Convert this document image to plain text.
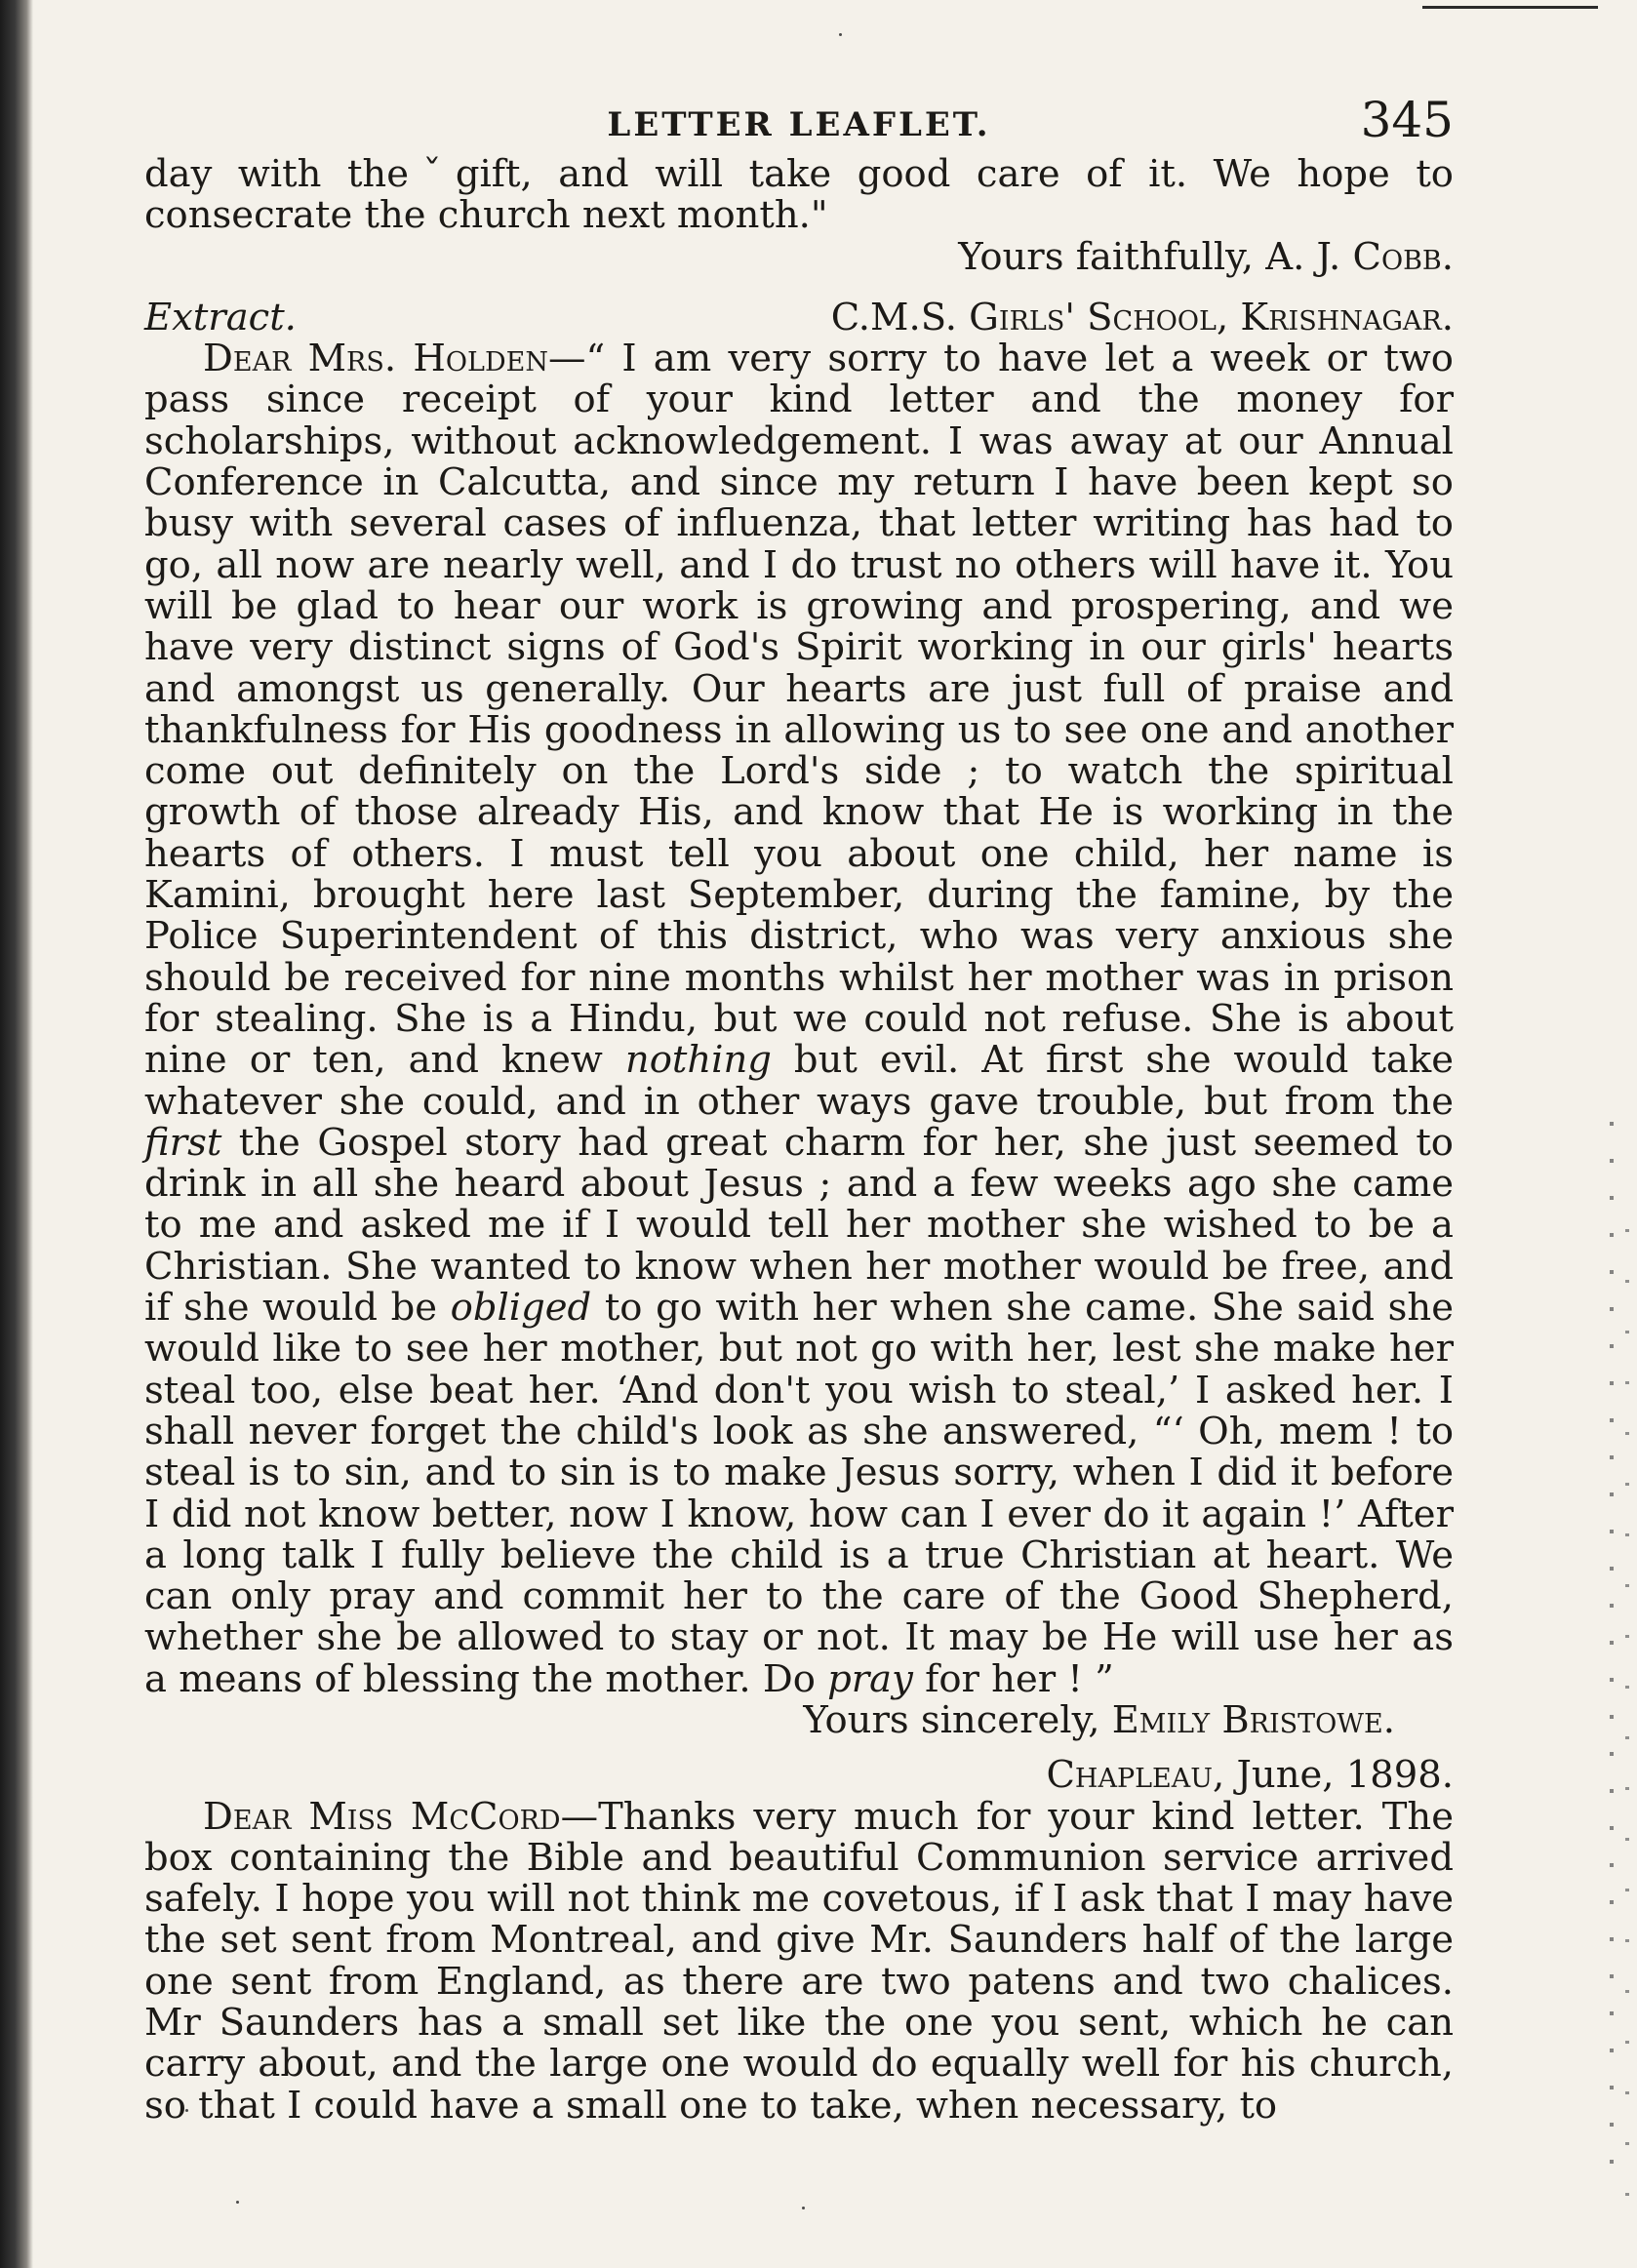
LETTER LEAFLET.	345

day with theˇgift, and will take good care of it. We hope to consecrate the church next month."

Yours faithfully, A. J. Cobb.

Extract.	C.M.S. Girls' School, Krishnagar.

Dear Mrs. Holden—“ I am very sorry to have let a week or two pass since receipt of your kind letter and the money for scholarships, without acknowledgement. I was away at our Annual Conference in Calcutta, and since my return I have been kept so busy with several cases of influenza, that letter writing has had to go, all now are nearly well, and I do trust no others will have it. You will be glad to hear our work is growing and prospering, and we have very distinct signs of God's Spirit working in our girls' hearts and amongst us generally. Our hearts are just full of praise and thankfulness for His goodness in allowing us to see one and another come out definitely on the Lord's side ; to watch the spiritual growth of those already His, and know that He is working in the hearts of others. I must tell you about one child, her name is Kamini, brought here last September, during the famine, by the Police Superintendent of this district, who was very anxious she should be received for nine months whilst her mother was in prison for stealing. She is a Hindu, but we could not refuse. She is about nine or ten, and knew nothing but evil. At first she would take whatever she could, and in other ways gave trouble, but from the first the Gospel story had great charm for her, she just seemed to drink in all she heard about Jesus ; and a few weeks ago she came to me and asked me if I would tell her mother she wished to be a Christian. She wanted to know when her mother would be free, and if she would be obliged to go with her when she came. She said she would like to see her mother, but not go with her, lest she make her steal too, else beat her. ‘And don't you wish to steal,’ I asked her. I shall never forget the child's look as she answered, “‘ Oh, mem ! to steal is to sin, and to sin is to make Jesus sorry, when I did it before I did not know better, now I know, how can I ever do it again !’ After a long talk I fully believe the child is a true Christian at heart. We can only pray and commit her to the care of the Good Shepherd, whether she be allowed to stay or not. It may be He will use her as a means of blessing the mother. Do pray for her ! ”

Yours sincerely, Emily Bristowe.

Chapleau, June, 1898.

Dear Miss McCord—Thanks very much for your kind letter. The box containing the Bible and beautiful Communion service arrived safely. I hope you will not think me covetous, if I ask that I may have the set sent from Montreal, and give Mr. Saunders half of the large one sent from England, as there are two patens and two chalices. Mr Saunders has a small set like the one you sent, which he can carry about, and the large one would do equally well for his church, so that I could have a small one to take, when necessary, to
